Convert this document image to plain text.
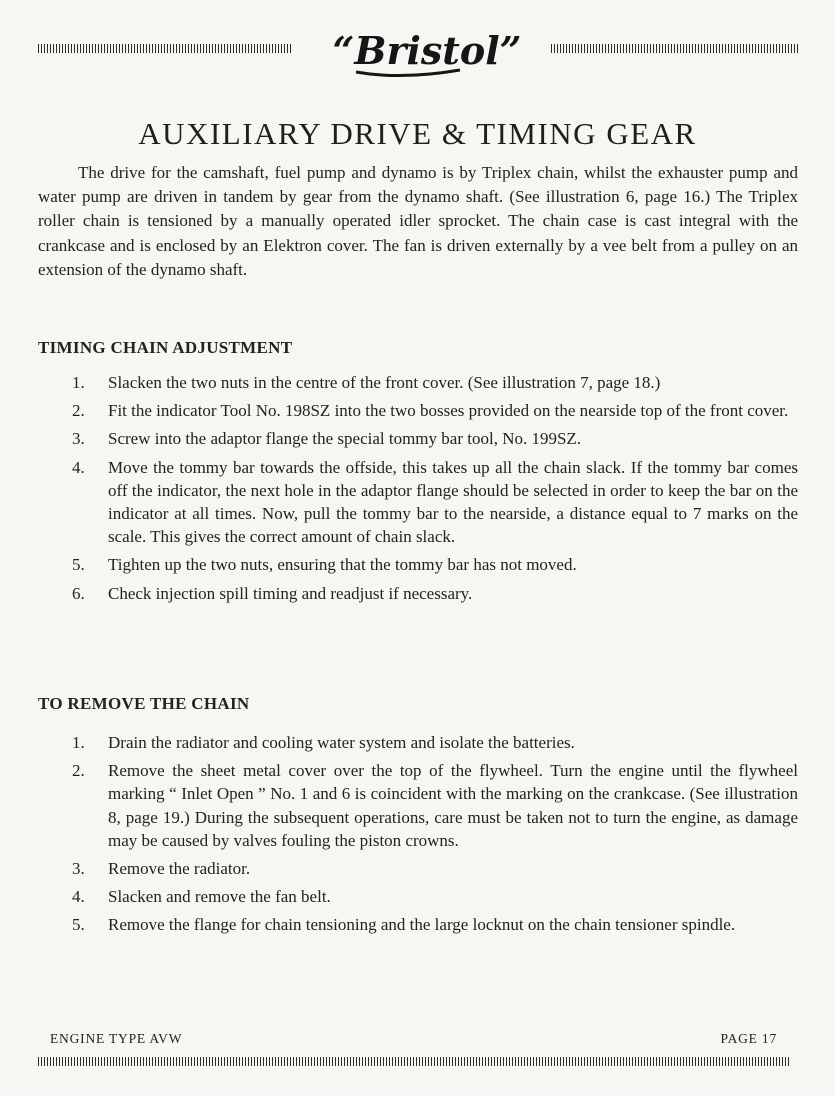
“Bristol”
AUXILIARY DRIVE & TIMING GEAR

The drive for the camshaft, fuel pump and dynamo is by Triplex chain, whilst the exhauster pump and water pump are driven in tandem by gear from the dynamo shaft. (See illustration 6, page 16.) The Triplex roller chain is tensioned by a manually operated idler sprocket. The chain case is cast integral with the crankcase and is enclosed by an Elektron cover. The fan is driven externally by a vee belt from a pulley on an extension of the dynamo shaft.

TIMING CHAIN ADJUSTMENT
1. Slacken the two nuts in the centre of the front cover. (See illustration 7, page 18.)
2. Fit the indicator Tool No. 198SZ into the two bosses provided on the nearside top of the front cover.
3. Screw into the adaptor flange the special tommy bar tool, No. 199SZ.
4. Move the tommy bar towards the offside, this takes up all the chain slack. If the tommy bar comes off the indicator, the next hole in the adaptor flange should be selected in order to keep the bar on the indicator at all times. Now, pull the tommy bar to the nearside, a distance equal to 7 marks on the scale. This gives the correct amount of chain slack.
5. Tighten up the two nuts, ensuring that the tommy bar has not moved.
6. Check injection spill timing and readjust if necessary.
TO REMOVE THE CHAIN
1. Drain the radiator and cooling water system and isolate the batteries.
2. Remove the sheet metal cover over the top of the flywheel. Turn the engine until the flywheel marking “ Inlet Open ” No. 1 and 6 is coincident with the marking on the crankcase. (See illustration 8, page 19.) During the subsequent operations, care must be taken not to turn the engine, as damage may be caused by valves fouling the piston crowns.
3. Remove the radiator.
4. Slacken and remove the fan belt.
5. Remove the flange for chain tensioning and the large locknut on the chain tensioner spindle.
ENGINE TYPE AVW	PAGE 17
